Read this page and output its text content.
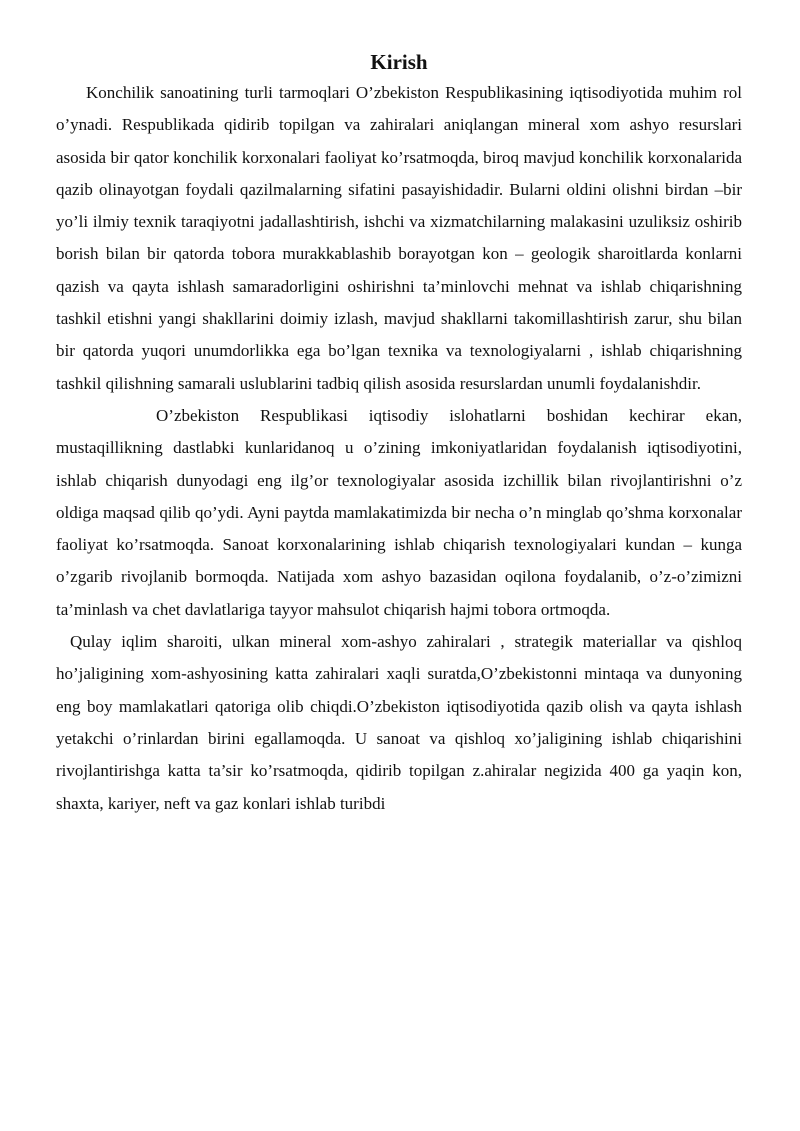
Kirish

Konchilik sanoatining turli tarmoqlari O’zbekiston Respublikasining iqtisodiyotida muhim rol o’ynadi. Respublikada qidirib topilgan va zahiralari aniqlangan mineral xom ashyo resurslari asosida bir qator konchilik korxonalari faoliyat ko’rsatmoqda, biroq mavjud konchilik korxonalarida qazib olinayotgan foydali qazilmalarning sifatini pasayishidadir. Bularni oldini olishni birdan –bir yo’li ilmiy texnik taraqiyotni jadallashtirish, ishchi va xizmatchilarning malakasini uzuliksiz oshirib borish bilan bir qatorda tobora murakkablashib borayotgan kon – geologik sharoitlarda konlarni qazish va qayta ishlash samaradorligini oshirishni ta’minlovchi mehnat va ishlab chiqarishning tashkil etishni yangi shakllarini doimiy izlash, mavjud shakllarni takomillashtirish zarur, shu bilan bir qatorda yuqori unumdorlikka ega bo’lgan texnika va texnologiyalarni , ishlab chiqarishning tashkil qilishning samarali uslublarini tadbiq qilish asosida resurslardan unumli foydalanishdir.

O’zbekiston Respublikasi iqtisodiy islohatlarni boshidan kechirar ekan, mustaqillikning dastlabki kunlaridanoq u o’zining imkoniyatlaridan foydalanish iqtisodiyotini, ishlab chiqarish dunyodagi eng ilg’or texnologiyalar asosida izchillik bilan rivojlantirishni o’z oldiga maqsad qilib qo’ydi. Ayni paytda mamlakatimizda bir necha o’n minglab qo’shma korxonalar faoliyat ko’rsatmoqda. Sanoat korxonalarining ishlab chiqarish texnologiyalari kundan – kunga o’zgarib rivojlanib bormoqda. Natijada xom ashyo bazasidan oqilona foydalanib, o’z-o’zimizni ta’minlash va chet davlatlariga tayyor mahsulot chiqarish hajmi tobora ortmoqda.

Qulay iqlim sharoiti, ulkan mineral xom-ashyo zahiralari , strategik materiallar va qishloq ho’jaligining xom-ashyosining katta zahiralari xaqli suratda,O’zbekistonni mintaqa va dunyoning eng boy mamlakatlari qatoriga olib chiqdi.O’zbekiston iqtisodiyotida qazib olish va qayta ishlash yetakchi o’rinlardan birini egallamoqda. U sanoat va qishloq xo’jaligining ishlab chiqarishini rivojlantirishga katta ta’sir ko’rsatmoqda, qidirib topilgan z.ahiralar negizida 400 ga yaqin kon, shaxta, kariyer, neft va gaz konlari ishlab turibdi
